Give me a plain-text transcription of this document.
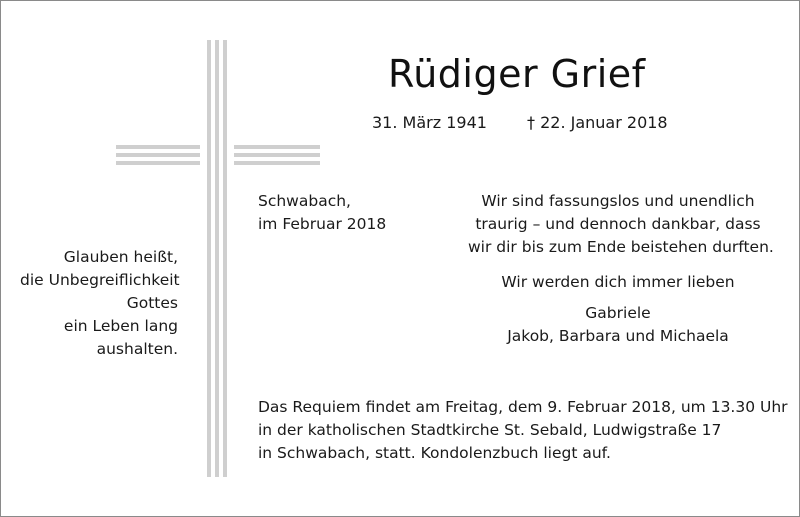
Rüdiger Grief
31. März 1941	† 22. Januar 2018
Schwabach,
im Februar 2018
Glauben heißt,
die Unbegreiflichkeit
Gottes
ein Leben lang
aushalten.
Wir sind fassungslos und unendlich
traurig – und dennoch dankbar, dass
wir dir bis zum Ende beistehen durften.
Wir werden dich immer lieben
Gabriele
Jakob, Barbara und Michaela
Das Requiem findet am Freitag, dem 9. Februar 2018, um 13.30 Uhr
in der katholischen Stadtkirche St. Sebald, Ludwigstraße 17
in Schwabach, statt. Kondolenzbuch liegt auf.
